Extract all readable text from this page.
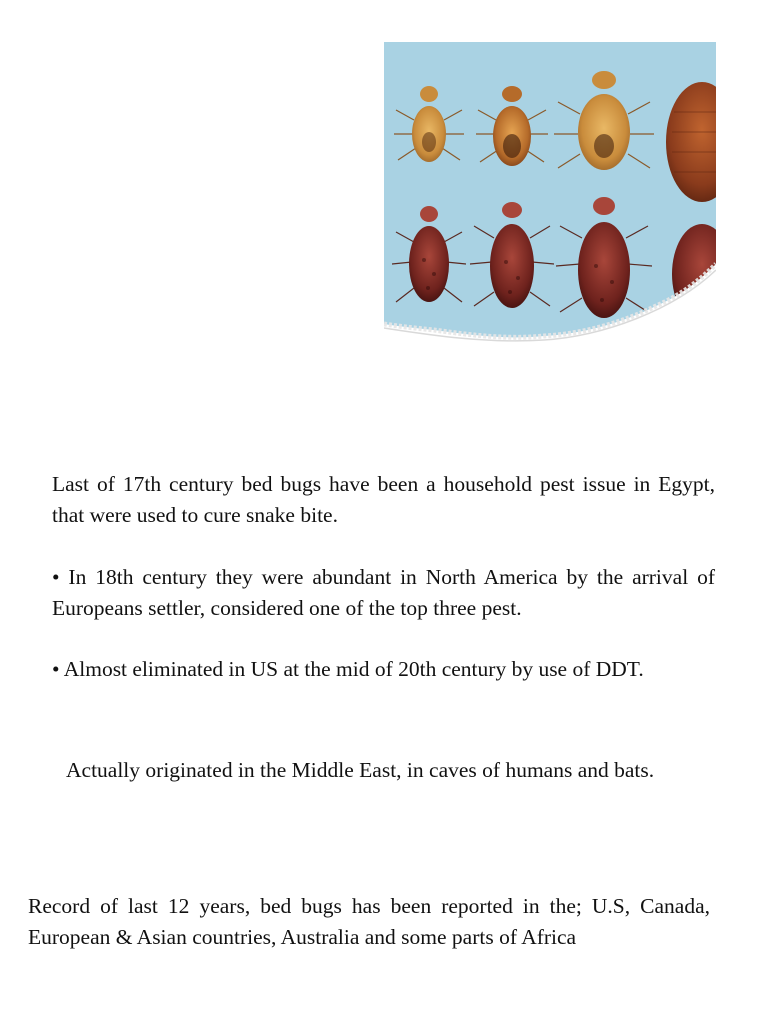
Last of 17th century bed bugs have been a household pest issue in Egypt, that were used to cure snake bite.

• In 18th century they were abundant in North America by the arrival of Europeans settler, considered one of the top three pest.

• Almost eliminated in US at the mid of 20th century by use of DDT.

Actually originated in the Middle East, in caves of humans and bats.

Record of last 12 years, bed bugs has been reported in the; U.S, Canada, European & Asian countries, Australia and some parts of Africa
